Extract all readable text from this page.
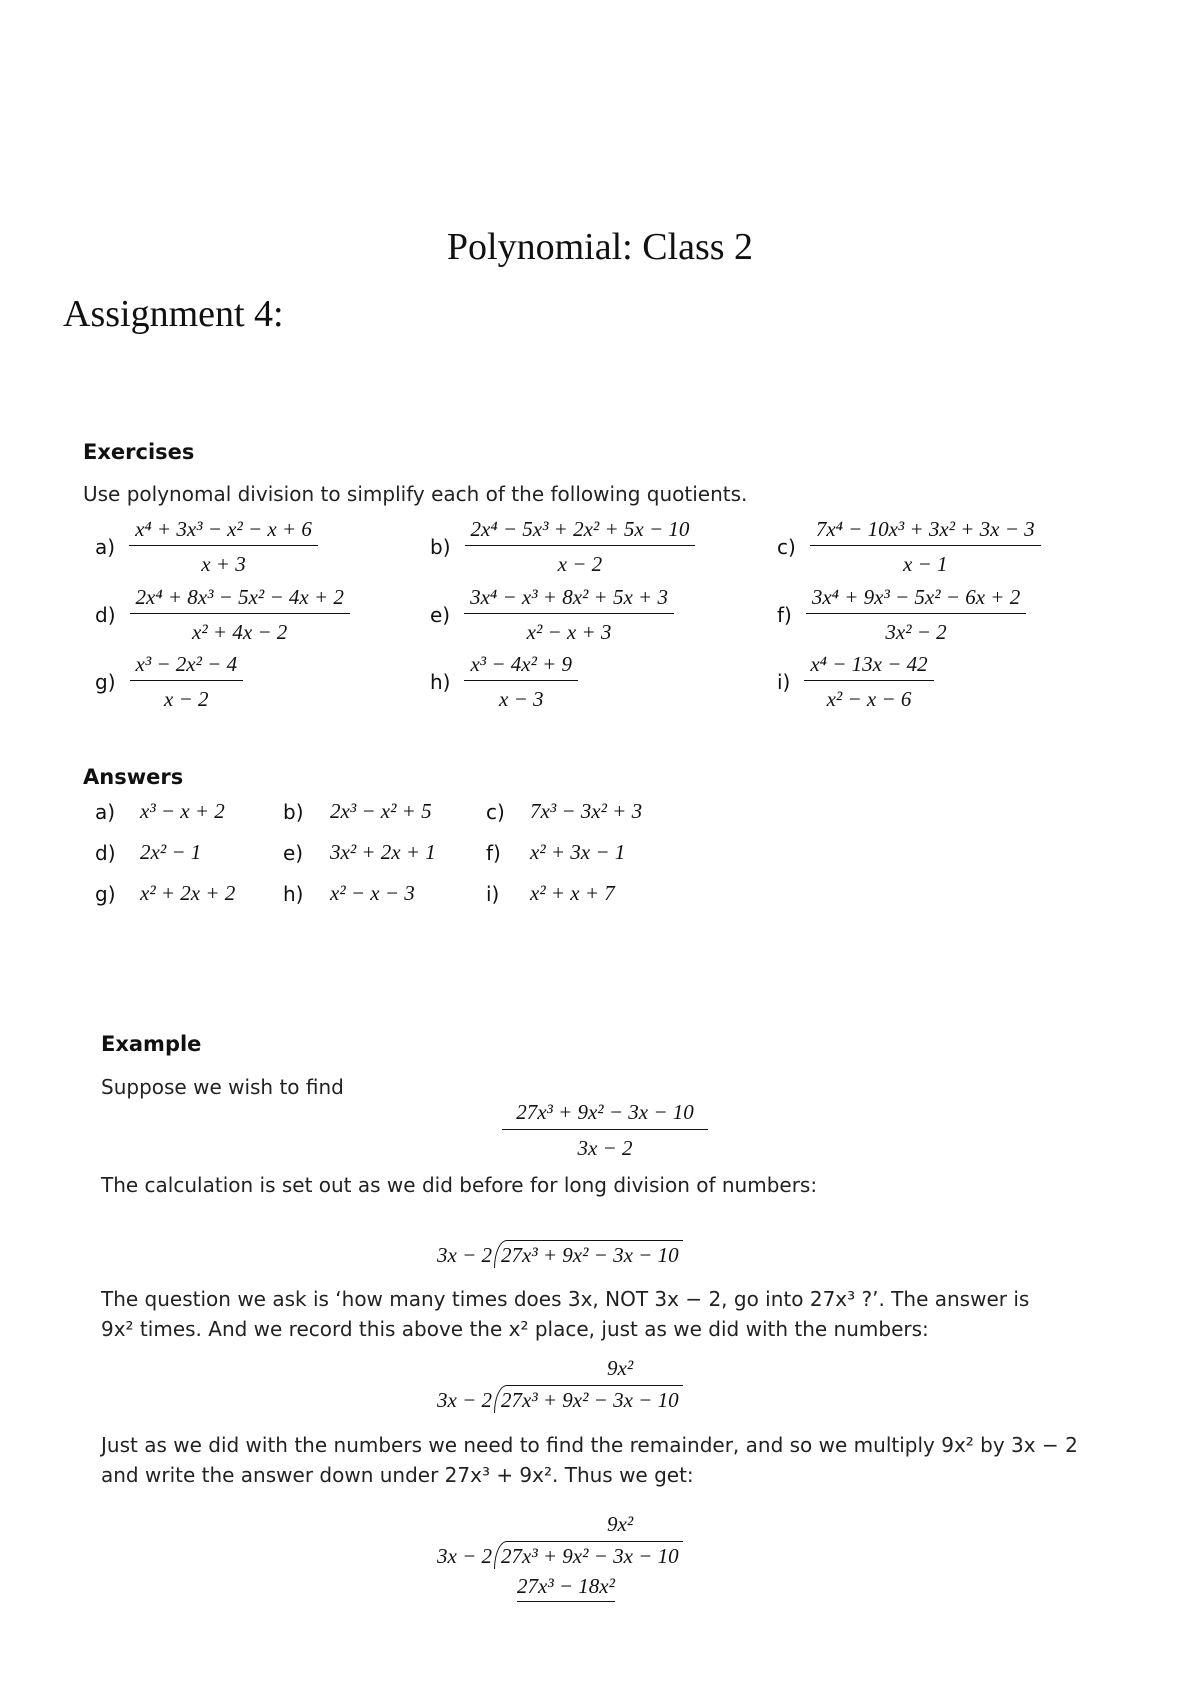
Polynomial: Class 2
Assignment 4:
Exercises
Use polynomal division to simplify each of the following quotients.
$a) \frac{\text{x⁴ + 3x³ − x² − x + 6}}{x + 3}$	$b) \frac{\text{2x⁴ − 5x³ + 2x² + 5x − 10}}{x - 2}$	$c) \frac{\text{7x⁴ − 10x³ + 3x² + 3x − 3}}{x - 1}$
$d) \frac{\text{2x⁴ + 8x³ − 5x² − 4x + 2}}{\text{x² + 4x − 2}}$	$e) \frac{\text{3x⁴ − x³ + 8x² + 5x + 3}}{\text{x² − x + 3}}$	$f) \frac{\text{3x⁴ + 9x³ − 5x² − 6x + 2}}{\text{3x² − 2}}$
$g) \frac{\text{x³ − 2x² − 4}}{x - 2}$	$h) \frac{\text{x³ − 4x² + 9}}{x - 3}$	$i) \frac{\text{x⁴ − 13x − 42}}{\text{x² − x − 6}}$
Answers
a) x³ − x + 2	b) 2x³ − x² + 5	c) 7x³ − 3x² + 3
d) 2x² − 1	e) 3x² + 2x + 1	f) x² + 3x − 1
g) x² + 2x + 2 h) x² − x − 3	i) x² + x + 7
Example
Suppose we wish to find
$\frac{\text{27x³ + 9x² − 3x − 10}}{3x - 2}$
The calculation is set out as we did before for long division of numbers:
3x − 2 27x³ + 9x² − 3x − 10
The question we ask is ‘how many times does 3x, NOT 3x − 2, go into 27x³ ?’. The answer is
9x² times. And we record this above the x² place, just as we did with the numbers:
9x²
3x − 2 27x³ + 9x² − 3x − 10
Just as we did with the numbers we need to find the remainder, and so we multiply 9x² by 3x − 2
and write the answer down under 27x³ + 9x². Thus we get:
9x²
3x − 2 27x³ + 9x² − 3x − 10
27x³ − 18x²
